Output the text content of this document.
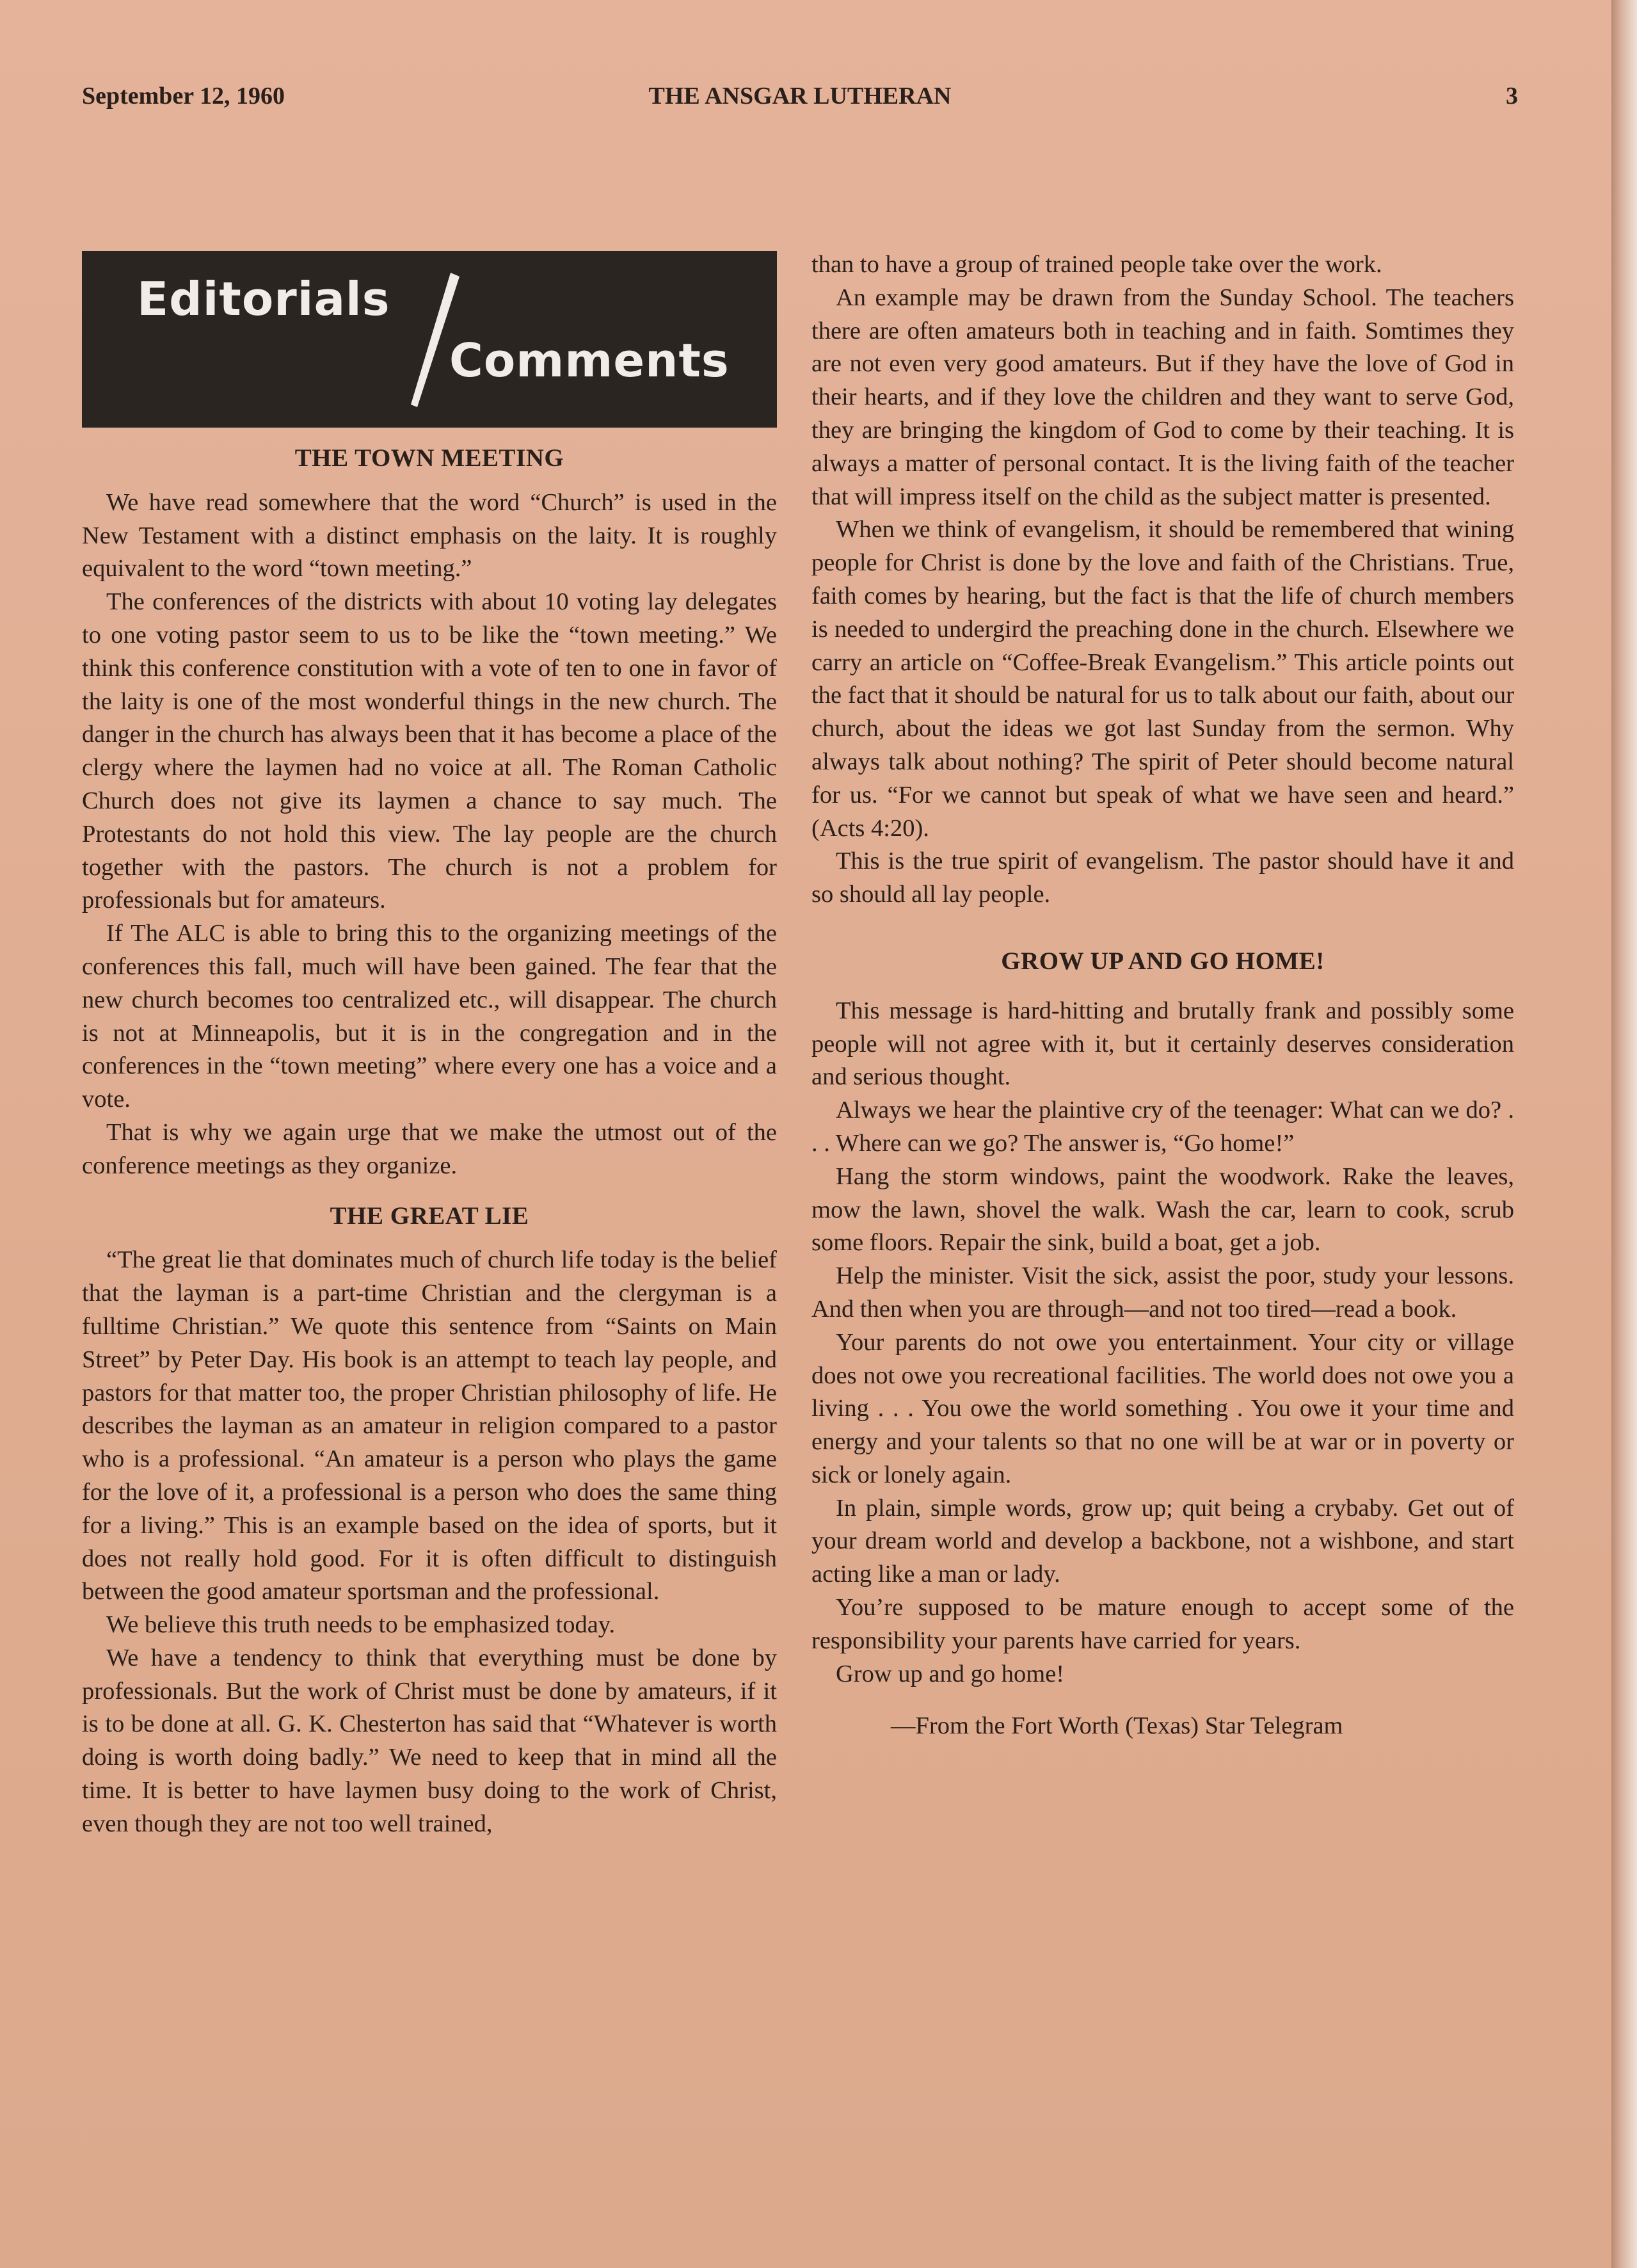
September 12, 1960	THE ANSGAR LUTHERAN	3
Editorials
Comments
THE TOWN MEETING

We have read somewhere that the word “Church” is used in the New Testament with a distinct emphasis on the laity. It is roughly equivalent to the word “town meeting.”

The conferences of the districts with about 10 voting lay delegates to one voting pastor seem to us to be like the “town meeting.” We think this conference constitution with a vote of ten to one in favor of the laity is one of the most wonderful things in the new church. The danger in the church has always been that it has become a place of the clergy where the laymen had no voice at all. The Roman Catholic Church does not give its laymen a chance to say much. The Protestants do not hold this view. The lay people are the church together with the pastors. The church is not a problem for professionals but for amateurs.

If The ALC is able to bring this to the organizing meetings of the conferences this fall, much will have been gained. The fear that the new church becomes too centralized etc., will disappear. The church is not at Minneapolis, but it is in the congregation and in the conferences in the “town meeting” where every one has a voice and a vote.

That is why we again urge that we make the utmost out of the conference meetings as they organize.

THE GREAT LIE

“The great lie that dominates much of church life today is the belief that the layman is a part-time Christian and the clergyman is a fulltime Christian.” We quote this sentence from “Saints on Main Street” by Peter Day. His book is an attempt to teach lay people, and pastors for that matter too, the proper Christian philosophy of life. He describes the layman as an amateur in religion compared to a pastor who is a professional. “An amateur is a person who plays the game for the love of it, a professional is a person who does the same thing for a living.” This is an example based on the idea of sports, but it does not really hold good. For it is often difficult to distinguish between the good amateur sportsman and the professional.

We believe this truth needs to be emphasized today.

We have a tendency to think that everything must be done by professionals. But the work of Christ must be done by amateurs, if it is to be done at all. G. K. Chesterton has said that “Whatever is worth doing is worth doing badly.” We need to keep that in mind all the time. It is better to have laymen busy doing to the work of Christ, even though they are not too well trained,

than to have a group of trained people take over the work.

An example may be drawn from the Sunday School. The teachers there are often amateurs both in teaching and in faith. Somtimes they are not even very good amateurs. But if they have the love of God in their hearts, and if they love the children and they want to serve God, they are bringing the kingdom of God to come by their teaching. It is always a matter of personal contact. It is the living faith of the teacher that will impress itself on the child as the subject matter is presented.

When we think of evangelism, it should be remembered that wining people for Christ is done by the love and faith of the Christians. True, faith comes by hearing, but the fact is that the life of church members is needed to undergird the preaching done in the church. Elsewhere we carry an article on “Coffee-Break Evangelism.” This article points out the fact that it should be natural for us to talk about our faith, about our church, about the ideas we got last Sunday from the sermon. Why always talk about nothing? The spirit of Peter should become natural for us. “For we cannot but speak of what we have seen and heard.” (Acts 4:20).

This is the true spirit of evangelism. The pastor should have it and so should all lay people.

GROW UP AND GO HOME!

This message is hard-hitting and brutally frank and possibly some people will not agree with it, but it certainly deserves consideration and serious thought.

Always we hear the plaintive cry of the teenager: What can we do? . . . Where can we go? The answer is, “Go home!”

Hang the storm windows, paint the woodwork. Rake the leaves, mow the lawn, shovel the walk. Wash the car, learn to cook, scrub some floors. Repair the sink, build a boat, get a job.

Help the minister. Visit the sick, assist the poor, study your lessons. And then when you are through—and not too tired—read a book.

Your parents do not owe you entertainment. Your city or village does not owe you recreational facilities. The world does not owe you a living . . . You owe the world something . You owe it your time and energy and your talents so that no one will be at war or in poverty or sick or lonely again.

In plain, simple words, grow up; quit being a crybaby. Get out of your dream world and develop a backbone, not a wishbone, and start acting like a man or lady.

You’re supposed to be mature enough to accept some of the responsibility your parents have carried for years.

Grow up and go home!

—From the Fort Worth (Texas) Star Telegram
